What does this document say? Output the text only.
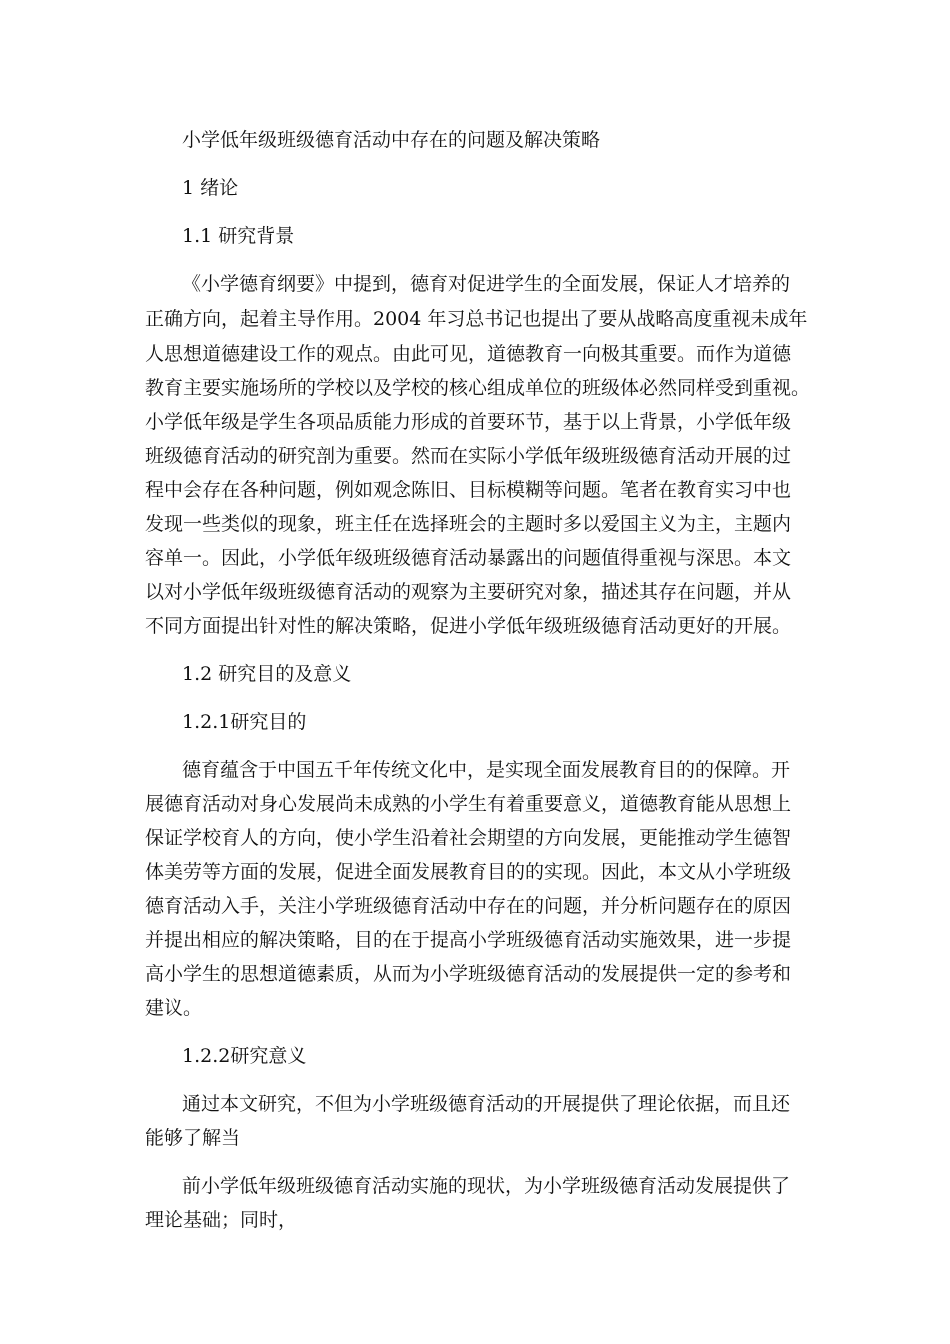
小学低年级班级德育活动中存在的问题及解决策略
1 绪论
1.1 研究背景
《小学德育纲要》中提到，德育对促进学生的全面发展，保证人才培养的
正确方向，起着主导作用。2004 年习总书记也提出了要从战略高度重视未成年
人思想道德建设工作的观点。由此可见，道德教育一向极其重要。而作为道德
教育主要实施场所的学校以及学校的核心组成单位的班级体必然同样受到重视。
小学低年级是学生各项品质能力形成的首要环节，基于以上背景，小学低年级
班级德育活动的研究剖为重要。然而在实际小学低年级班级德育活动开展的过
程中会存在各种问题，例如观念陈旧、目标模糊等问题。笔者在教育实习中也
发现一些类似的现象，班主任在选择班会的主题时多以爱国主义为主，主题内
容单一。因此，小学低年级班级德育活动暴露出的问题值得重视与深思。本文
以对小学低年级班级德育活动的观察为主要研究对象，描述其存在问题，并从
不同方面提出针对性的解决策略，促进小学低年级班级德育活动更好的开展。
1.2 研究目的及意义
1.2.1研究目的
德育蕴含于中国五千年传统文化中，是实现全面发展教育目的的保障。开
展德育活动对身心发展尚未成熟的小学生有着重要意义，道德教育能从思想上
保证学校育人的方向，使小学生沿着社会期望的方向发展，更能推动学生德智
体美劳等方面的发展，促进全面发展教育目的的实现。因此，本文从小学班级
德育活动入手，关注小学班级德育活动中存在的问题，并分析问题存在的原因
并提出相应的解决策略，目的在于提高小学班级德育活动实施效果，进一步提
高小学生的思想道德素质，从而为小学班级德育活动的发展提供一定的参考和
建议。
1.2.2研究意义
通过本文研究，不但为小学班级德育活动的开展提供了理论依据，而且还
能够了解当
前小学低年级班级德育活动实施的现状，为小学班级德育活动发展提供了
理论基础；同时，
